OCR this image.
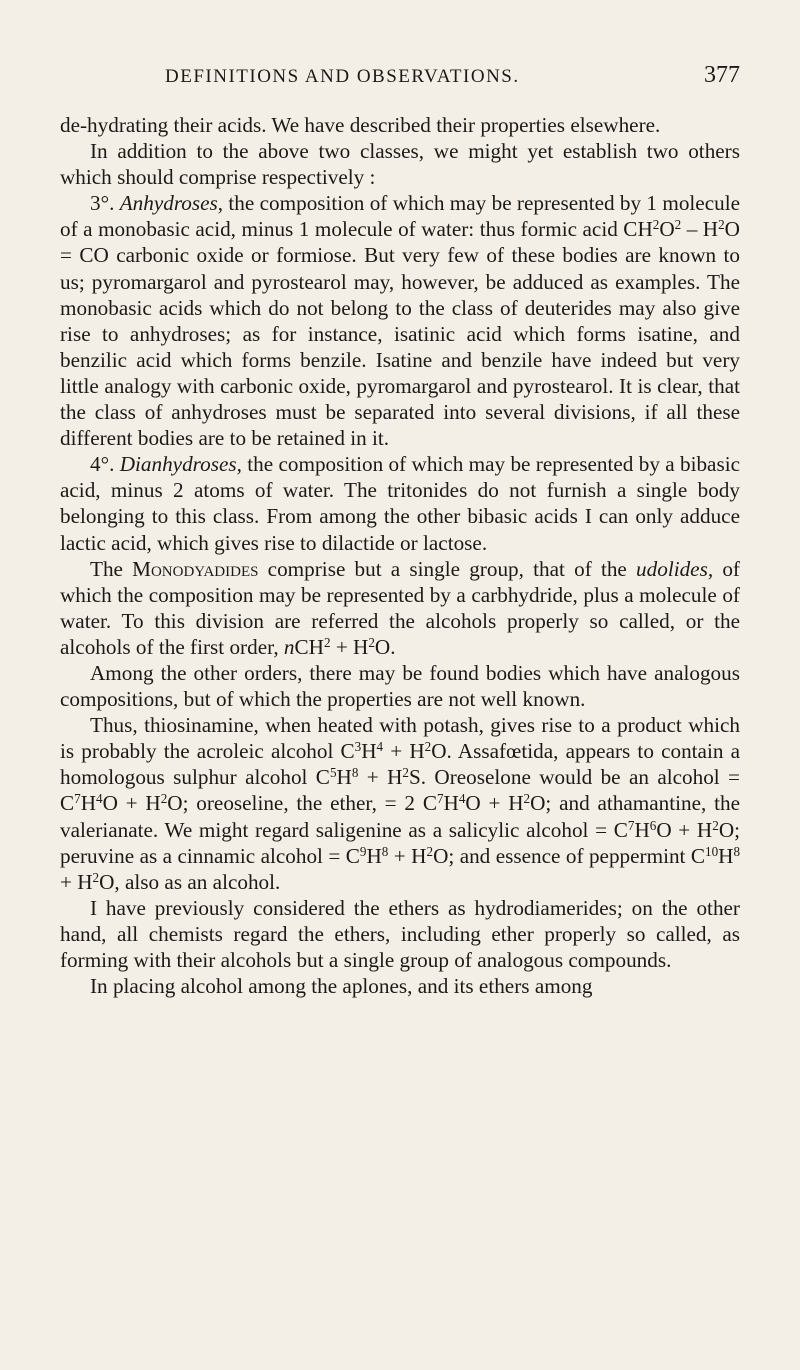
DEFINITIONS AND OBSERVATIONS.	377

de-hydrating their acids. We have described their properties elsewhere.

In addition to the above two classes, we might yet establish two others which should comprise respectively :

3°. Anhydroses, the composition of which may be represented by 1 molecule of a monobasic acid, minus 1 molecule of water: thus formic acid $CH^2O^2 - H^2O$ = CO carbonic oxide or formiose. But very few of these bodies are known to us; pyromargarol and pyrostearol may, however, be adduced as examples. The monobasic acids which do not belong to the class of deuterides may also give rise to anhydroses; as for instance, isatinic acid which forms isatine, and benzilic acid which forms benzile. Isatine and benzile have indeed but very little analogy with carbonic oxide, pyromargarol and pyrostearol. It is clear, that the class of anhydroses must be separated into several divisions, if all these different bodies are to be retained in it.

4°. Dianhydroses, the composition of which may be represented by a bibasic acid, minus 2 atoms of water. The tritonides do not furnish a single body belonging to this class. From among the other bibasic acids I can only adduce lactic acid, which gives rise to dilactide or lactose.

The Monodyadides comprise but a single group, that of the udolides, of which the composition may be represented by a carbhydride, plus a molecule of water. To this division are referred the alcohols properly so called, or the alcohols of the first order, $nCH^2 + H^2O$.

Among the other orders, there may be found bodies which have analogous compositions, but of which the properties are not well known.

Thus, thiosinamine, when heated with potash, gives rise to a product which is probably the acroleic alcohol $C^3H^4 + H^2O$. Assafœtida, appears to contain a homologous sulphur alcohol $C^5H^8 + H^2S$. Oreoselone would be an alcohol = $C^7H^4O + H^2O$; oreoseline, the ether, = 2 $C^7H^4O + H^2O$; and athamantine, the valerianate. We might regard saligenine as a salicylic alcohol = $C^7H^6O + H^2O$; peruvine as a cinnamic alcohol = $C^9H^8 + H^2O$; and essence of peppermint $C^{10}H^8 + H^2O$, also as an alcohol.

I have previously considered the ethers as hydrodiamerides; on the other hand, all chemists regard the ethers, including ether properly so called, as forming with their alcohols but a single group of analogous compounds.

In placing alcohol among the aplones, and its ethers among
